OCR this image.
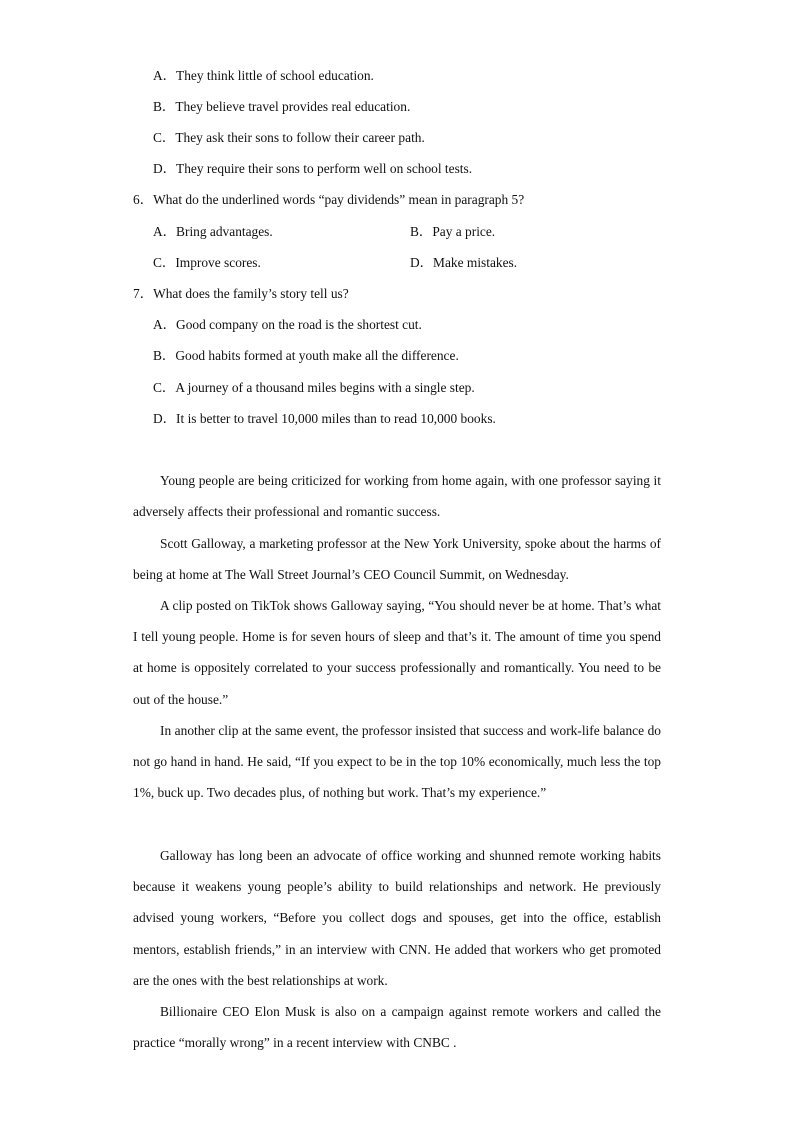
A．They think little of school education.
B．They believe travel provides real education.
C．They ask their sons to follow their career path.
D．They require their sons to perform well on school tests.
6．What do the underlined words “pay dividends” mean in paragraph 5?
A．Bring advantages.	B．Pay a price.
C．Improve scores.	D．Make mistakes.
7．What does the family’s story tell us?
A．Good company on the road is the shortest cut.
B．Good habits formed at youth make all the difference.
C．A journey of a thousand miles begins with a single step.
D．It is better to travel 10,000 miles than to read 10,000 books.
Young people are being criticized for working from home again, with one professor saying it adversely affects their professional and romantic success.
Scott Galloway, a marketing professor at the New York University, spoke about the harms of being at home at The Wall Street Journal’s CEO Council Summit, on Wednesday.
A clip posted on TikTok shows Galloway saying, “You should never be at home. That’s what I tell young people. Home is for seven hours of sleep and that’s it. The amount of time you spend at home is oppositely correlated to your success professionally and romantically. You need to be out of the house.”
In another clip at the same event, the professor insisted that success and work-life balance do not go hand in hand. He said, “If you expect to be in the top 10% economically, much less the top 1%, buck up. Two decades plus, of nothing but work. That’s my experience.”
Galloway has long been an advocate of office working and shunned remote working habits because it weakens young people’s ability to build relationships and network. He previously advised young workers, “Before you collect dogs and spouses, get into the office, establish mentors, establish friends,” in an interview with CNN. He added that workers who get promoted are the ones with the best relationships at work.
Billionaire CEO Elon Musk is also on a campaign against remote workers and called the practice “morally wrong” in a recent interview with CNBC .
